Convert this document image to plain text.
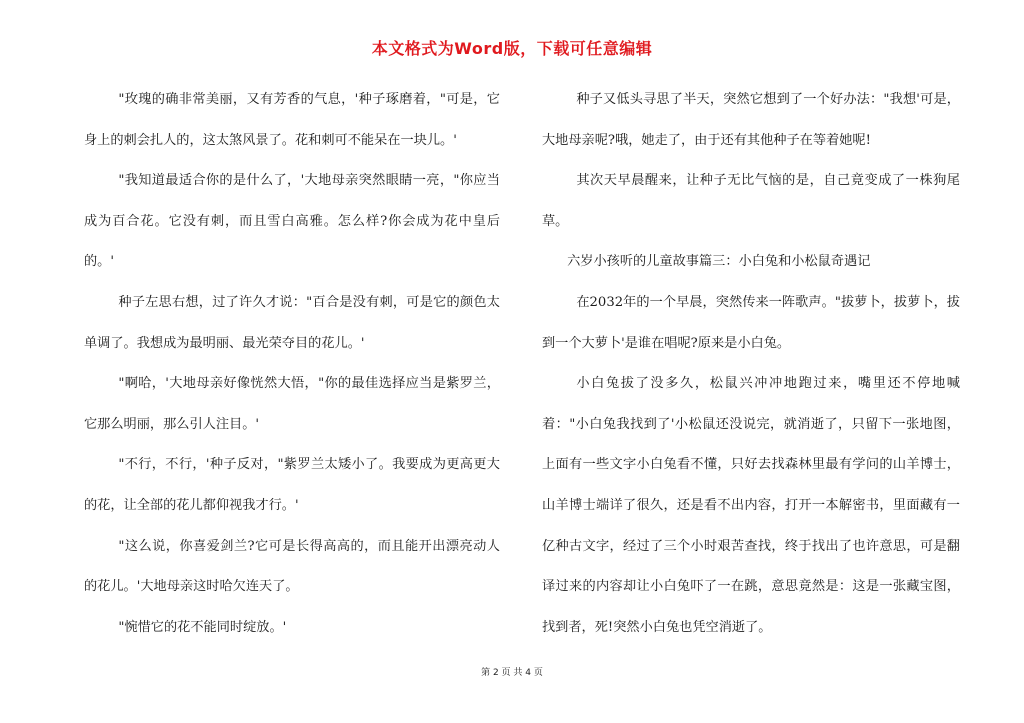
本文格式为Word版，下载可任意编辑

"玫瑰的确非常美丽，又有芳香的气息，'种子琢磨着，"可是，它身上的刺会扎人的，这太煞风景了。花和刺可不能呆在一块儿。'

"我知道最适合你的是什么了，'大地母亲突然眼睛一亮，"你应当成为百合花。它没有刺，而且雪白高雅。怎么样?你会成为花中皇后的。'

种子左思右想，过了许久才说："百合是没有刺，可是它的颜色太单调了。我想成为最明丽、最光荣夺目的花儿。'

"啊哈，'大地母亲好像恍然大悟，"你的最佳选择应当是紫罗兰，它那么明丽，那么引人注目。'

"不行，不行，'种子反对，"紫罗兰太矮小了。我要成为更高更大的花，让全部的花儿都仰视我才行。'

"这么说，你喜爱剑兰?它可是长得高高的，而且能开出漂亮动人的花儿。'大地母亲这时哈欠连天了。

"惋惜它的花不能同时绽放。'

种子又低头寻思了半天，突然它想到了一个好办法："我想'可是，大地母亲呢?哦，她走了，由于还有其他种子在等着她呢!

其次天早晨醒来，让种子无比气恼的是，自己竟变成了一株狗尾草。

六岁小孩听的儿童故事篇三：小白兔和小松鼠奇遇记

在2032年的一个早晨，突然传来一阵歌声。"拔萝卜，拔萝卜，拔到一个大萝卜'是谁在唱呢?原来是小白兔。

小白兔拔了没多久，松鼠兴冲冲地跑过来，嘴里还不停地喊着："小白兔我找到了'小松鼠还没说完，就消逝了，只留下一张地图，上面有一些文字小白兔看不懂，只好去找森林里最有学问的山羊博士，山羊博士端详了很久，还是看不出内容，打开一本解密书，里面藏有一亿种古文字，经过了三个小时艰苦查找，终于找出了也许意思，可是翻译过来的内容却让小白兔吓了一在跳，意思竟然是：这是一张藏宝图，找到者，死!突然小白兔也凭空消逝了。

第 2 页 共 4 页
